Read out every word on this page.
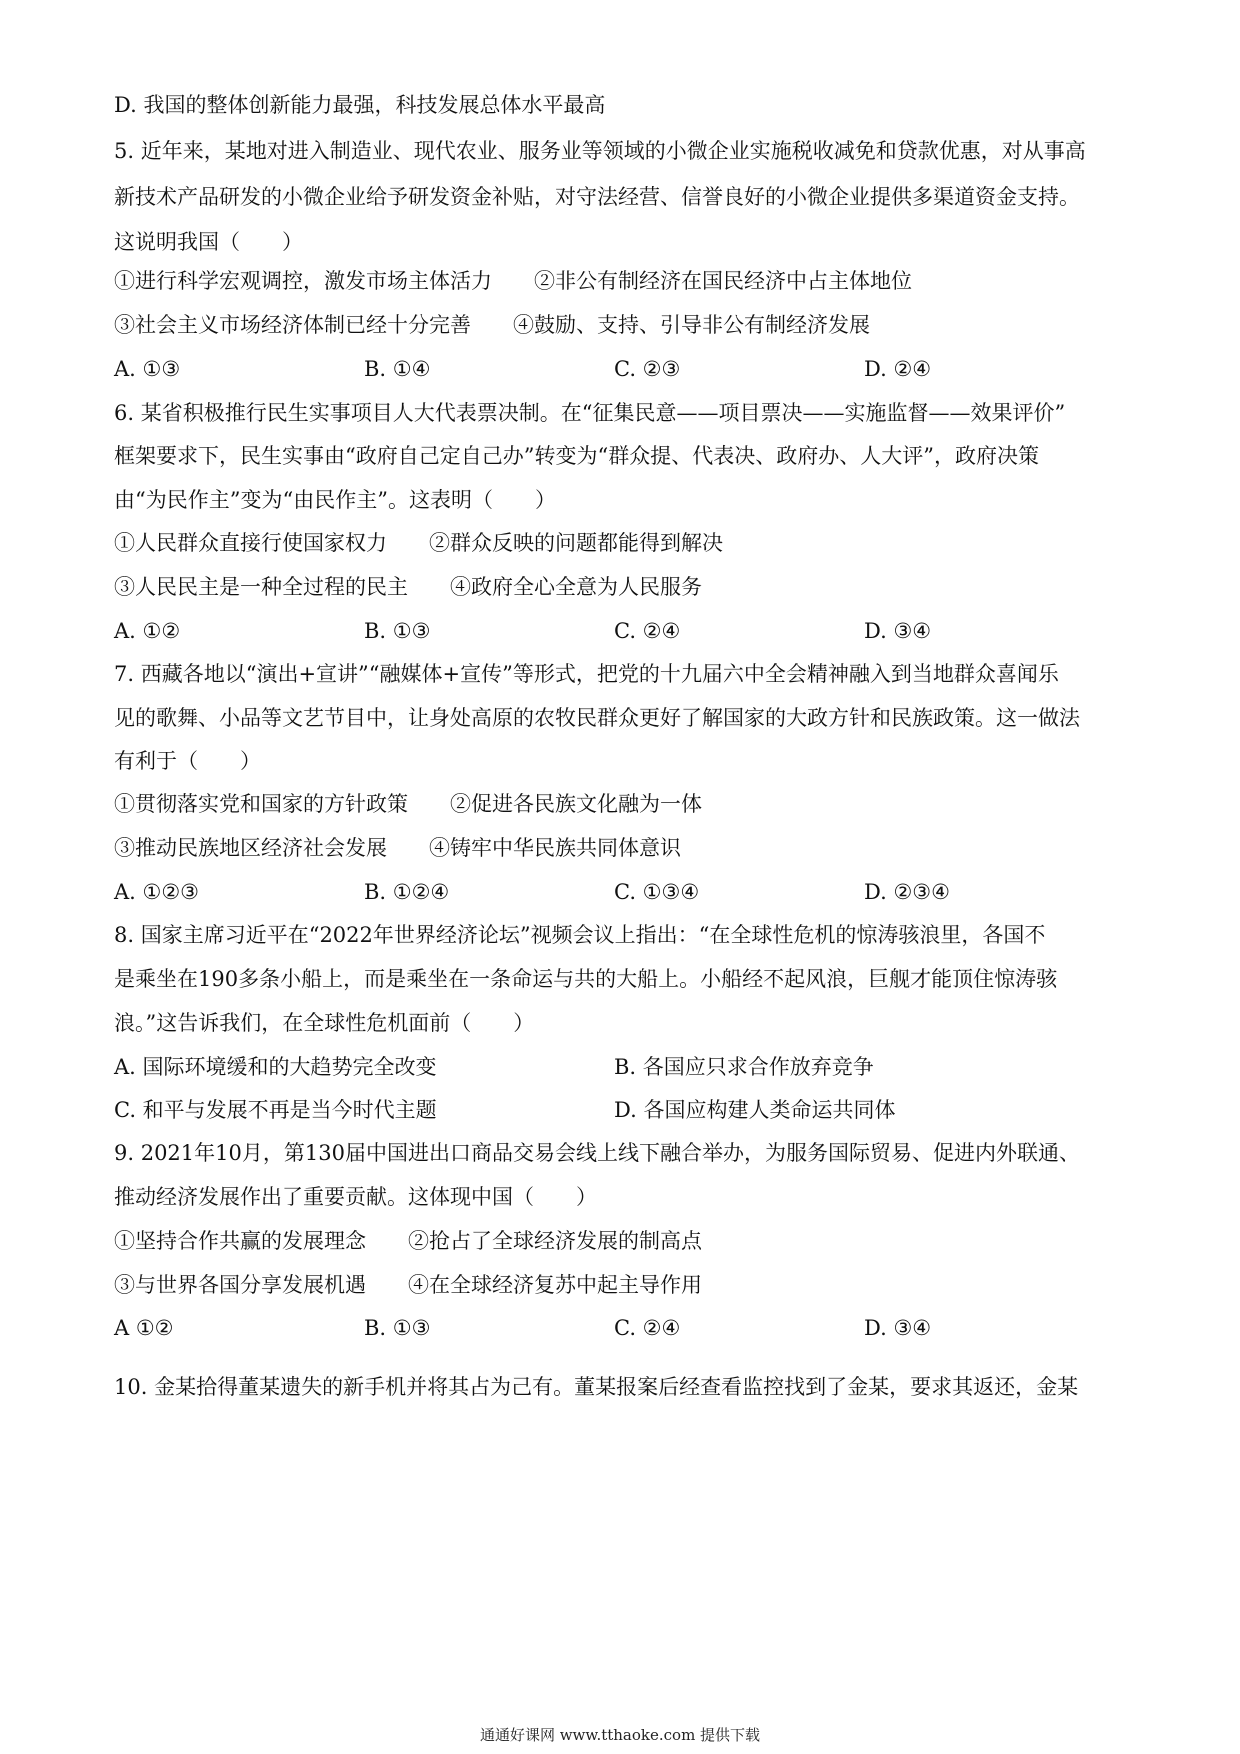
D. 我国的整体创新能力最强，科技发展总体水平最高
5. 近年来，某地对进入制造业、现代农业、服务业等领域的小微企业实施税收减免和贷款优惠，对从事高
新技术产品研发的小微企业给予研发资金补贴，对守法经营、信誉良好的小微企业提供多渠道资金支持。
这说明我国（　　）
①进行科学宏观调控，激发市场主体活力　　②非公有制经济在国民经济中占主体地位
③社会主义市场经济体制已经十分完善　　④鼓励、支持、引导非公有制经济发展
A. ①③	B. ①④	C. ②③	D. ②④
6. 某省积极推行民生实事项目人大代表票决制。在“征集民意——项目票决——实施监督——效果评价”
框架要求下，民生实事由“政府自己定自己办”转变为“群众提、代表决、政府办、人大评”，政府决策
由“为民作主”变为“由民作主”。这表明（　　）
①人民群众直接行使国家权力　　②群众反映的问题都能得到解决
③人民民主是一种全过程的民主　　④政府全心全意为人民服务
A. ①②	B. ①③	C. ②④	D. ③④
7. 西藏各地以“演出+宣讲”“融媒体+宣传”等形式，把党的十九届六中全会精神融入到当地群众喜闻乐
见的歌舞、小品等文艺节目中，让身处高原的农牧民群众更好了解国家的大政方针和民族政策。这一做法
有利于（　　）
①贯彻落实党和国家的方针政策　　②促进各民族文化融为一体
③推动民族地区经济社会发展　　④铸牢中华民族共同体意识
A. ①②③	B. ①②④	C. ①③④	D. ②③④
8. 国家主席习近平在“2022年世界经济论坛”视频会议上指出：“在全球性危机的惊涛骇浪里，各国不
是乘坐在190多条小船上，而是乘坐在一条命运与共的大船上。小船经不起风浪，巨舰才能顶住惊涛骇
浪。”这告诉我们，在全球性危机面前（　　）
A. 国际环境缓和的大趋势完全改变	B. 各国应只求合作放弃竞争
C. 和平与发展不再是当今时代主题	D. 各国应构建人类命运共同体
9. 2021年10月，第130届中国进出口商品交易会线上线下融合举办，为服务国际贸易、促进内外联通、
推动经济发展作出了重要贡献。这体现中国（　　）
①坚持合作共赢的发展理念　　②抢占了全球经济发展的制高点
③与世界各国分享发展机遇　　④在全球经济复苏中起主导作用
A ①②	B. ①③	C. ②④	D. ③④
10. 金某拾得董某遗失的新手机并将其占为己有。董某报案后经查看监控找到了金某，要求其返还，金某
通通好课网 www.tthaoke.com 提供下载
